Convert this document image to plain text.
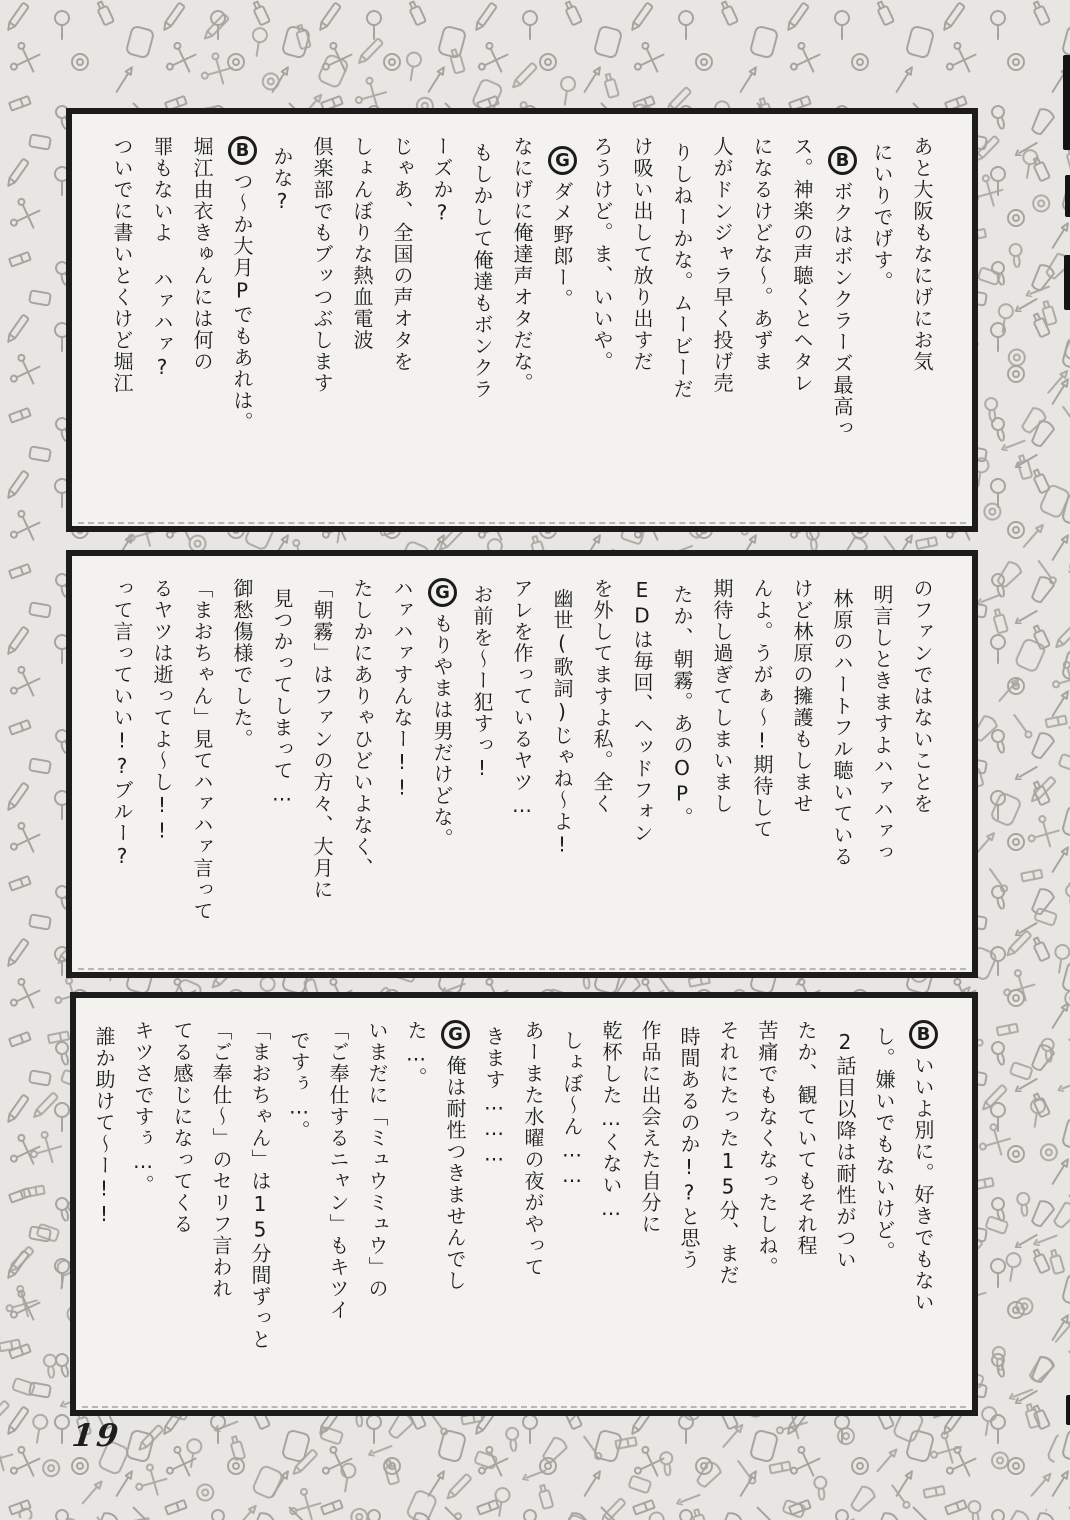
あと大阪もなにげにお気
にいりでげす。
Bボクはボンクラーズ最高っ
ス。神楽の声聴くとヘタレ
になるけどな〜。あずま
人がドンジャラ早く投げ売
りしねーかな。ムービーだ
け吸い出して放り出すだ
ろうけど。ま、いいや。
Gダメ野郎ー。
なにげに俺達声オタだな。
もしかして俺達もボンクラ
ーズか?
じゃあ、全国の声オタを
しょんぼりな熱血電波
倶楽部でもブッつぶします
かな?
Bつ〜か大月Pでもあれは。
堀江由衣きゅんには何の
罪もないよ ハァハァ?
ついでに書いとくけど堀江
のファンではないことを
明言しときますよハァハァっ
林原のハートフル聴いている
けど林原の擁護もしませ
んよ。うがぁ〜!期待して
期待し過ぎてしまいまし
たか、朝霧。あのOP。
EDは毎回、ヘッドフォン
を外してますよ私。全く
幽世(歌詞)じゃね〜よ!
アレを作っているヤツ…
お前を〜ー犯すっ!
Gもりやまは男だけどな。
ハァハァすんなー!!
たしかにありゃひどいよなく、
「朝霧」はファンの方々、大月に
見つかってしまって…
御愁傷様でした。
「まおちゃん」見てハァハァ言って
るヤツは逝ってよ〜し!!
って言っていい!?ブルー?
Bいいよ別に。好きでもない
し。嫌いでもないけど。
2話目以降は耐性がつい
たか、観ていてもそれ程
苦痛でもなくなったしね。
それにたった15分、まだ
時間あるのか!?と思う
作品に出会えた自分に
乾杯した…くない…
しょぼ〜ん……
あーまた水曜の夜がやって
きます………
G俺は耐性つきませんでし
た…。
いまだに「ミュウミュウ」の
「ご奉仕するニャン」もキツイ
ですぅ…。
「まおちゃん」は15分間ずっと
「ご奉仕〜」のセリフ言われ
てる感じになってくる
キツさですぅ…。
誰か助けて〜ー!!
19
